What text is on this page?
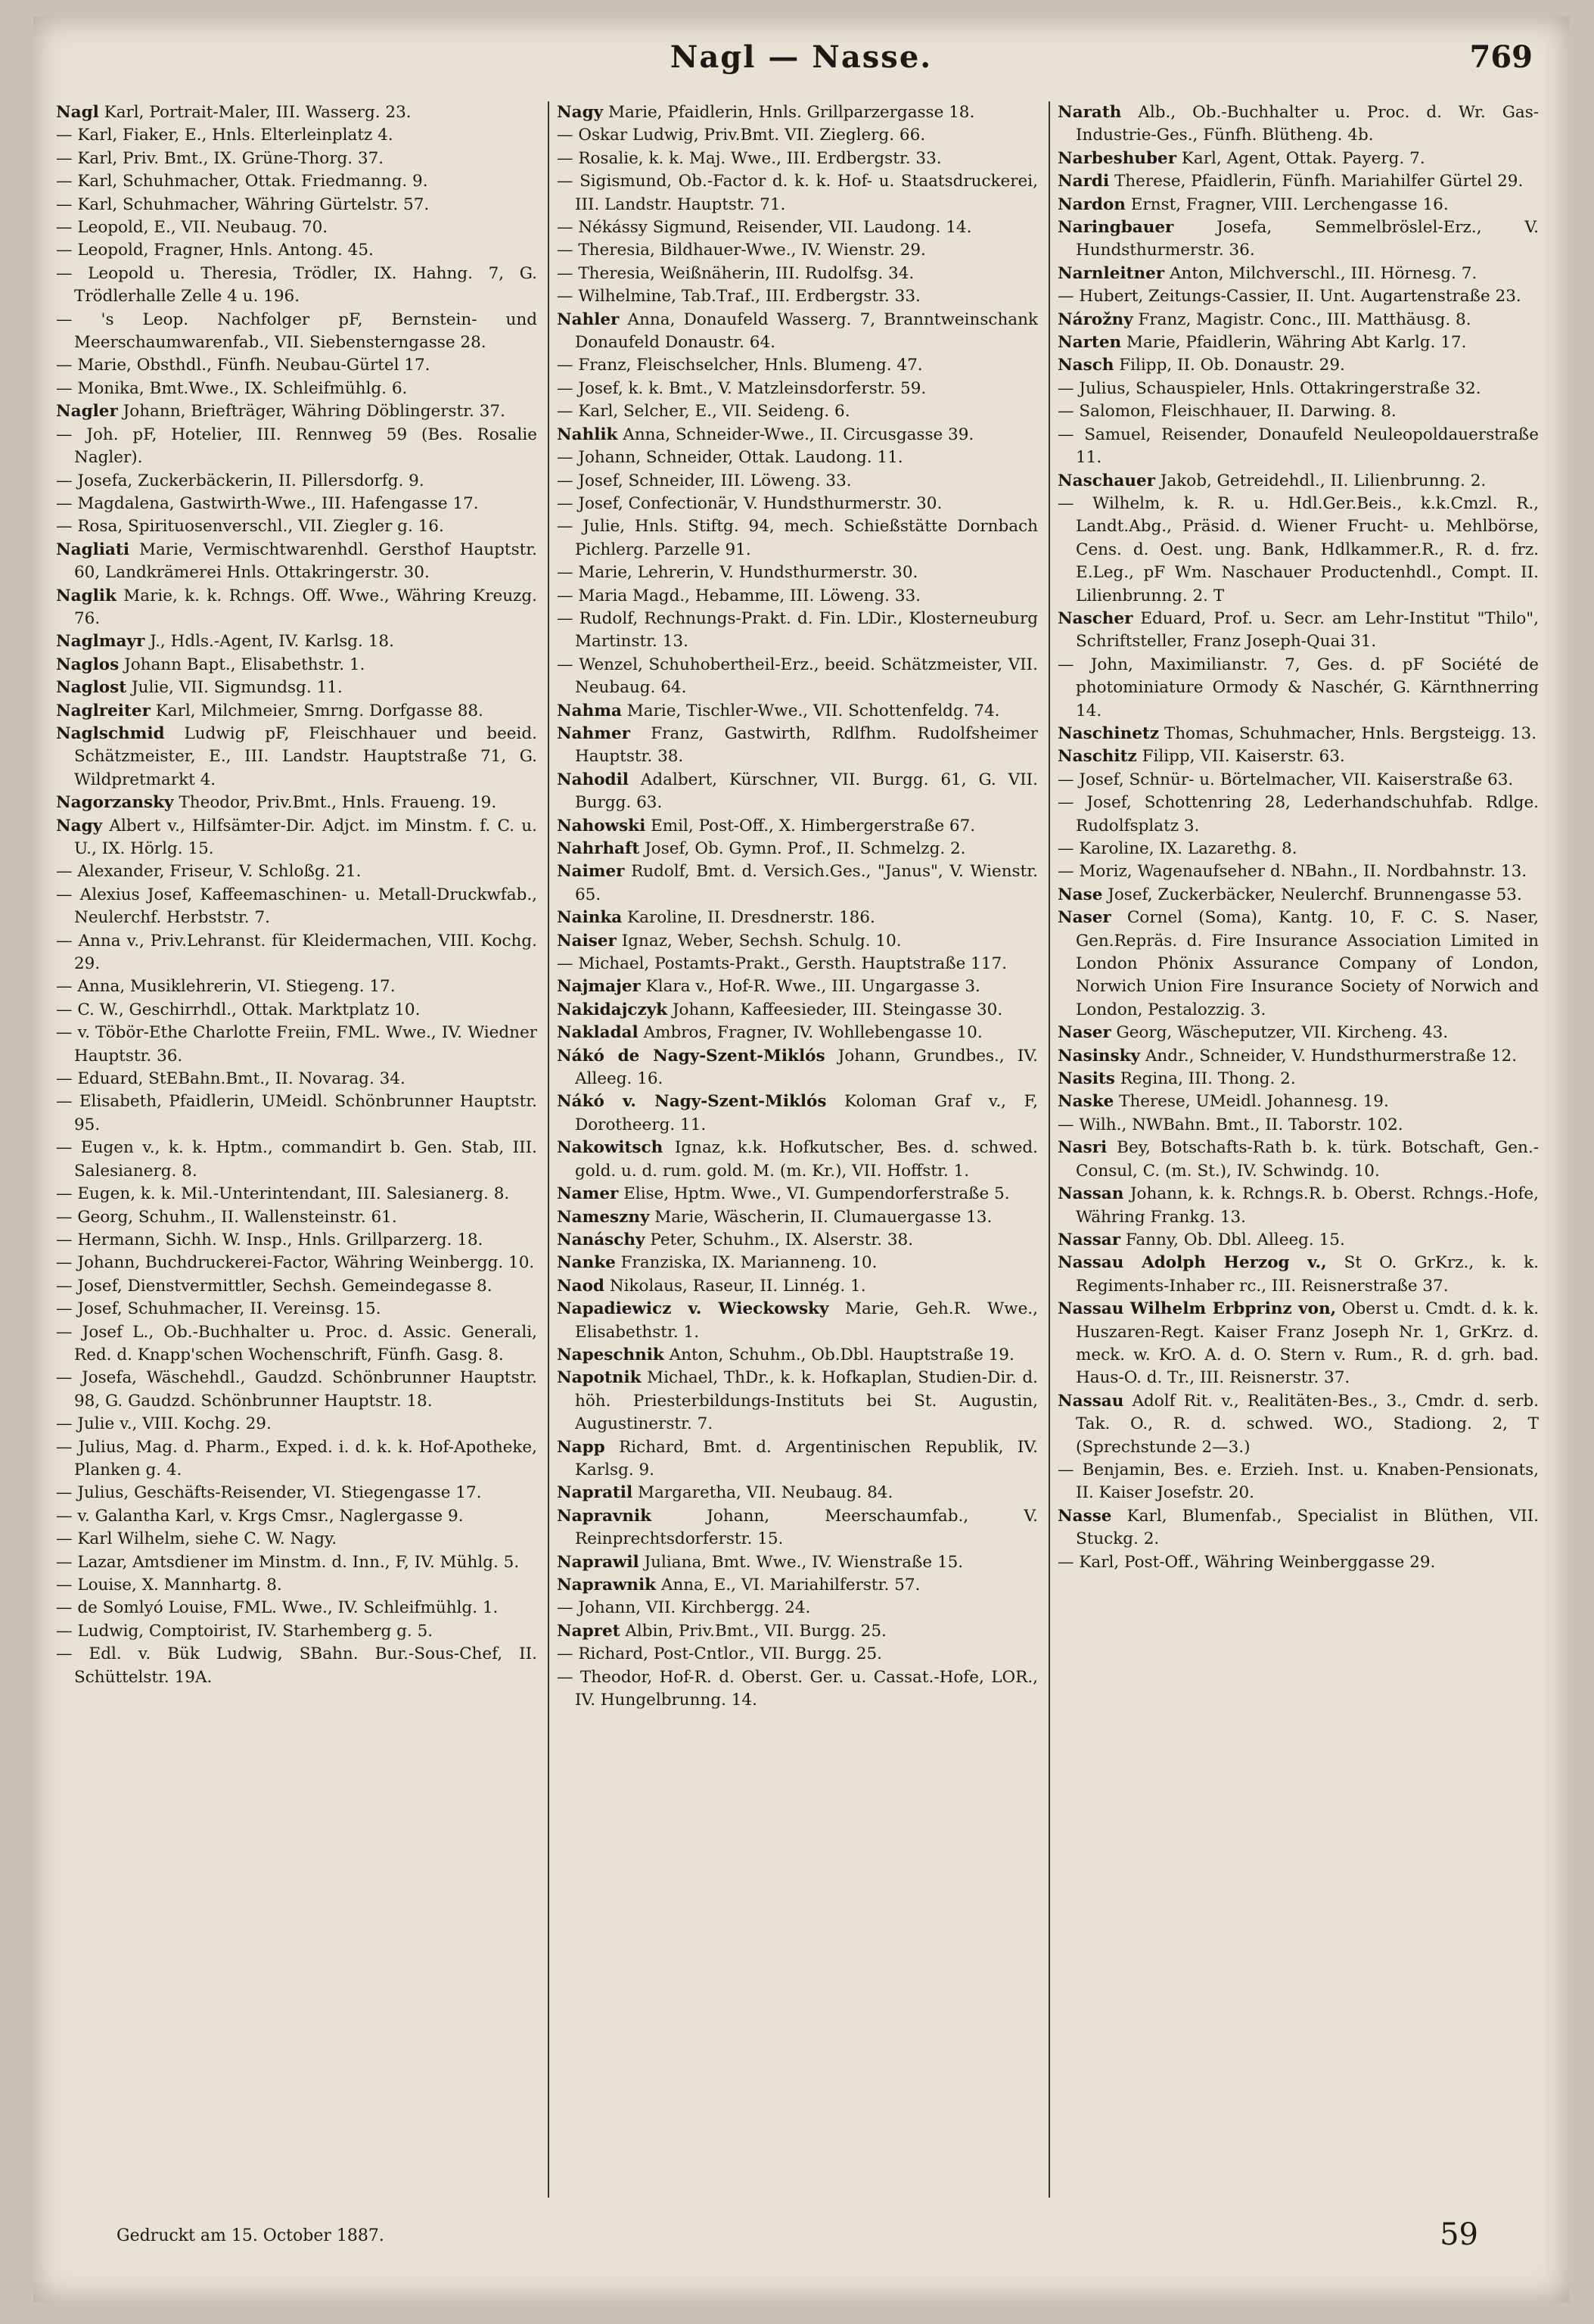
Nagl — Nasse.	769

Nagl Karl, Portrait-Maler, III. Wasserg. 23.

— Karl, Fiaker, E., Hnls. Elterleinplatz 4.

— Karl, Priv. Bmt., IX. Grüne-Thorg. 37.

— Karl, Schuhmacher, Ottak. Friedmanng. 9.

— Karl, Schuhmacher, Währing Gürtelstr. 57.

— Leopold, E., VII. Neubaug. 70.

— Leopold, Fragner, Hnls. Antong. 45.

— Leopold u. Theresia, Trödler, IX. Hahng. 7, G. Trödlerhalle Zelle 4 u. 196.

— 's Leop. Nachfolger pF, Bernstein- und Meerschaumwarenfab., VII. Siebensterngasse 28.

— Marie, Obsthdl., Fünfh. Neubau-Gürtel 17.

— Monika, Bmt.Wwe., IX. Schleifmühlg. 6.

Nagler Johann, Briefträger, Währing Döblingerstr. 37.

— Joh. pF, Hotelier, III. Rennweg 59 (Bes. Rosalie Nagler).

— Josefa, Zuckerbäckerin, II. Pillersdorfg. 9.

— Magdalena, Gastwirth-Wwe., III. Hafengasse 17.

— Rosa, Spirituosenverschl., VII. Ziegler g. 16.

Nagliati Marie, Vermischtwarenhdl. Gersthof Hauptstr. 60, Landkrämerei Hnls. Ottakringerstr. 30.

Naglik Marie, k. k. Rchngs. Off. Wwe., Währing Kreuzg. 76.

Naglmayr J., Hdls.-Agent, IV. Karlsg. 18.

Naglos Johann Bapt., Elisabethstr. 1.

Naglost Julie, VII. Sigmundsg. 11.

Naglreiter Karl, Milchmeier, Smrng. Dorfgasse 88.

Naglschmid Ludwig pF, Fleischhauer und beeid. Schätzmeister, E., III. Landstr. Hauptstraße 71, G. Wildpretmarkt 4.

Nagorzansky Theodor, Priv.Bmt., Hnls. Fraueng. 19.

Nagy Albert v., Hilfsämter-Dir. Adjct. im Minstm. f. C. u. U., IX. Hörlg. 15.

— Alexander, Friseur, V. Schloßg. 21.

— Alexius Josef, Kaffeemaschinen- u. Metall-Druckwfab., Neulerchf. Herbststr. 7.

— Anna v., Priv.Lehranst. für Kleidermachen, VIII. Kochg. 29.

— Anna, Musiklehrerin, VI. Stiegeng. 17.

— C. W., Geschirrhdl., Ottak. Marktplatz 10.

— v. Töbör-Ethe Charlotte Freiin, FML. Wwe., IV. Wiedner Hauptstr. 36.

— Eduard, StEBahn.Bmt., II. Novarag. 34.

— Elisabeth, Pfaidlerin, UMeidl. Schönbrunner Hauptstr. 95.

— Eugen v., k. k. Hptm., commandirt b. Gen. Stab, III. Salesianerg. 8.

— Eugen, k. k. Mil.-Unterintendant, III. Salesianerg. 8.

— Georg, Schuhm., II. Wallensteinstr. 61.

— Hermann, Sichh. W. Insp., Hnls. Grillparzerg. 18.

— Johann, Buchdruckerei-Factor, Währing Weinbergg. 10.

— Josef, Dienstvermittler, Sechsh. Gemeindegasse 8.

— Josef, Schuhmacher, II. Vereinsg. 15.

— Josef L., Ob.-Buchhalter u. Proc. d. Assic. Generali, Red. d. Knapp'schen Wochenschrift, Fünfh. Gasg. 8.

— Josefa, Wäschehdl., Gaudzd. Schönbrunner Hauptstr. 98, G. Gaudzd. Schönbrunner Hauptstr. 18.

— Julie v., VIII. Kochg. 29.

— Julius, Mag. d. Pharm., Exped. i. d. k. k. Hof-Apotheke, Planken g. 4.

— Julius, Geschäfts-Reisender, VI. Stiegengasse 17.

— v. Galantha Karl, v. Krgs Cmsr., Naglergasse 9.

— Karl Wilhelm, siehe C. W. Nagy.

— Lazar, Amtsdiener im Minstm. d. Inn., F, IV. Mühlg. 5.

— Louise, X. Mannhartg. 8.

— de Somlyó Louise, FML. Wwe., IV. Schleifmühlg. 1.

— Ludwig, Comptoirist, IV. Starhemberg g. 5.

— Edl. v. Bük Ludwig, SBahn. Bur.-Sous-Chef, II. Schüttelstr. 19A.

Nagy Marie, Pfaidlerin, Hnls. Grillparzergasse 18.

— Oskar Ludwig, Priv.Bmt. VII. Zieglerg. 66.

— Rosalie, k. k. Maj. Wwe., III. Erdbergstr. 33.

— Sigismund, Ob.-Factor d. k. k. Hof- u. Staatsdruckerei, III. Landstr. Hauptstr. 71.

— Nékássy Sigmund, Reisender, VII. Laudong. 14.

— Theresia, Bildhauer-Wwe., IV. Wienstr. 29.

— Theresia, Weißnäherin, III. Rudolfsg. 34.

— Wilhelmine, Tab.Traf., III. Erdbergstr. 33.

Nahler Anna, Donaufeld Wasserg. 7, Branntweinschank Donaufeld Donaustr. 64.

— Franz, Fleischselcher, Hnls. Blumeng. 47.

— Josef, k. k. Bmt., V. Matzleinsdorferstr. 59.

— Karl, Selcher, E., VII. Seideng. 6.

Nahlik Anna, Schneider-Wwe., II. Circusgasse 39.

— Johann, Schneider, Ottak. Laudong. 11.

— Josef, Schneider, III. Löweng. 33.

— Josef, Confectionär, V. Hundsthurmerstr. 30.

— Julie, Hnls. Stiftg. 94, mech. Schießstätte Dornbach Pichlerg. Parzelle 91.

— Marie, Lehrerin, V. Hundsthurmerstr. 30.

— Maria Magd., Hebamme, III. Löweng. 33.

— Rudolf, Rechnungs-Prakt. d. Fin. LDir., Klosterneuburg Martinstr. 13.

— Wenzel, Schuhobertheil-Erz., beeid. Schätzmeister, VII. Neubaug. 64.

Nahma Marie, Tischler-Wwe., VII. Schottenfeldg. 74.

Nahmer Franz, Gastwirth, Rdlfhm. Rudolfsheimer Hauptstr. 38.

Nahodil Adalbert, Kürschner, VII. Burgg. 61, G. VII. Burgg. 63.

Nahowski Emil, Post-Off., X. Himbergerstraße 67.

Nahrhaft Josef, Ob. Gymn. Prof., II. Schmelzg. 2.

Naimer Rudolf, Bmt. d. Versich.Ges., "Janus", V. Wienstr. 65.

Nainka Karoline, II. Dresdnerstr. 186.

Naiser Ignaz, Weber, Sechsh. Schulg. 10.

— Michael, Postamts-Prakt., Gersth. Hauptstraße 117.

Najmajer Klara v., Hof-R. Wwe., III. Ungargasse 3.

Nakidajczyk Johann, Kaffeesieder, III. Steingasse 30.

Nakladal Ambros, Fragner, IV. Wohllebengasse 10.

Nákó de Nagy-Szent-Miklós Johann, Grundbes., IV. Alleeg. 16.

Nákó v. Nagy-Szent-Miklós Koloman Graf v., F, Dorotheerg. 11.

Nakowitsch Ignaz, k.k. Hofkutscher, Bes. d. schwed. gold. u. d. rum. gold. M. (m. Kr.), VII. Hoffstr. 1.

Namer Elise, Hptm. Wwe., VI. Gumpendorferstraße 5.

Nameszny Marie, Wäscherin, II. Clumauergasse 13.

Nanáschy Peter, Schuhm., IX. Alserstr. 38.

Nanke Franziska, IX. Marianneng. 10.

Naod Nikolaus, Raseur, II. Linnég. 1.

Napadiewicz v. Wieckowsky Marie, Geh.R. Wwe., Elisabethstr. 1.

Napeschnik Anton, Schuhm., Ob.Dbl. Hauptstraße 19.

Napotnik Michael, ThDr., k. k. Hofkaplan, Studien-Dir. d. höh. Priesterbildungs-Instituts bei St. Augustin, Augustinerstr. 7.

Napp Richard, Bmt. d. Argentinischen Republik, IV. Karlsg. 9.

Napratil Margaretha, VII. Neubaug. 84.

Napravnik	Johann, Meerschaumfab., V. Reinprechtsdorferstr. 15.

Naprawil Juliana, Bmt. Wwe., IV. Wienstraße 15.

Naprawnik Anna, E., VI. Mariahilferstr. 57.

— Johann, VII. Kirchbergg. 24.

Napret Albin, Priv.Bmt., VII. Burgg. 25.

— Richard, Post-Cntlor., VII. Burgg. 25.

— Theodor, Hof-R. d. Oberst. Ger. u. Cassat.-Hofe, LOR., IV. Hungelbrunng. 14.

Narath Alb., Ob.-Buchhalter u. Proc. d. Wr. Gas-Industrie-Ges., Fünfh. Blütheng. 4b.

Narbeshuber Karl, Agent, Ottak. Payerg. 7.

Nardi Therese, Pfaidlerin, Fünfh. Mariahilfer Gürtel 29.

Nardon Ernst, Fragner, VIII. Lerchengasse 16.

Naringbauer	Josefa, Semmelbröslel-Erz., V. Hundsthurmerstr. 36.

Narnleitner Anton, Milchverschl., III. Hörnesg. 7.

— Hubert, Zeitungs-Cassier, II. Unt. Augartenstraße 23.

Nárožny Franz, Magistr. Conc., III. Matthäusg. 8.

Narten Marie, Pfaidlerin, Währing Abt Karlg. 17.

Nasch Filipp, II. Ob. Donaustr. 29.

— Julius, Schauspieler, Hnls. Ottakringerstraße 32.

— Salomon, Fleischhauer, II. Darwing. 8.

— Samuel, Reisender, Donaufeld Neuleopoldauerstraße 11.

Naschauer Jakob, Getreidehdl., II. Lilienbrunng. 2.

— Wilhelm, k. R. u. Hdl.Ger.Beis., k.k.Cmzl. R., Landt.Abg., Präsid. d. Wiener Frucht- u. Mehlbörse, Cens. d. Oest. ung. Bank, Hdlkammer.R., R. d. frz. E.Leg., pF Wm. Naschauer Productenhdl., Compt. II. Lilienbrunng. 2. T

Nascher Eduard, Prof. u. Secr. am Lehr-Institut "Thilo", Schriftsteller, Franz Joseph-Quai 31.

— John, Maximilianstr. 7, Ges. d. pF Société de photominiature Ormody & Naschér, G. Kärnthnerring 14.

Naschinetz Thomas, Schuhmacher, Hnls. Bergsteigg. 13.

Naschitz Filipp, VII. Kaiserstr. 63.

— Josef, Schnür- u. Börtelmacher, VII. Kaiserstraße 63.

— Josef, Schottenring 28, Lederhandschuhfab. Rdlge. Rudolfsplatz 3.

— Karoline, IX. Lazarethg. 8.

— Moriz, Wagenaufseher d. NBahn., II. Nordbahnstr. 13.

Nase Josef, Zuckerbäcker, Neulerchf. Brunnengasse 53.

Naser Cornel (Soma), Kantg. 10, F. C. S. Naser, Gen.Repräs. d. Fire Insurance Association Limited in London Phönix Assurance Company of London, Norwich Union Fire Insurance Society of Norwich and London, Pestalozzig. 3.

Naser Georg, Wäscheputzer, VII. Kircheng. 43.

Nasinsky Andr., Schneider, V. Hundsthurmerstraße 12.

Nasits Regina, III. Thong. 2.

Naske Therese, UMeidl. Johannesg. 19.

— Wilh., NWBahn. Bmt., II. Taborstr. 102.

Nasri Bey, Botschafts-Rath b. k. türk. Botschaft, Gen.-Consul, C. (m. St.), IV. Schwindg. 10.

Nassan Johann, k. k. Rchngs.R. b. Oberst. Rchngs.-Hofe, Währing Frankg. 13.

Nassar Fanny, Ob. Dbl. Alleeg. 15.

Nassau Adolph Herzog v., St O. GrKrz., k. k. Regiments-Inhaber rc., III. Reisnerstraße 37.

Nassau Wilhelm Erbprinz von, Oberst u. Cmdt. d. k. k. Huszaren-Regt. Kaiser Franz Joseph Nr. 1, GrKrz. d. meck. w. KrO. A. d. O. Stern v. Rum., R. d. grh. bad. Haus-O. d. Tr., III. Reisnerstr. 37.

Nassau Adolf Rit. v., Realitäten-Bes., 3., Cmdr. d. serb. Tak. O., R. d. schwed. WO., Stadiong. 2, T (Sprechstunde 2—3.)

— Benjamin, Bes. e. Erzieh. Inst. u. Knaben-Pensionats, II. Kaiser Josefstr. 20.

Nasse Karl, Blumenfab., Specialist in Blüthen, VII. Stuckg. 2.

— Karl, Post-Off., Währing Weinberggasse 29.

Gedruckt am 15. October 1887.	59
